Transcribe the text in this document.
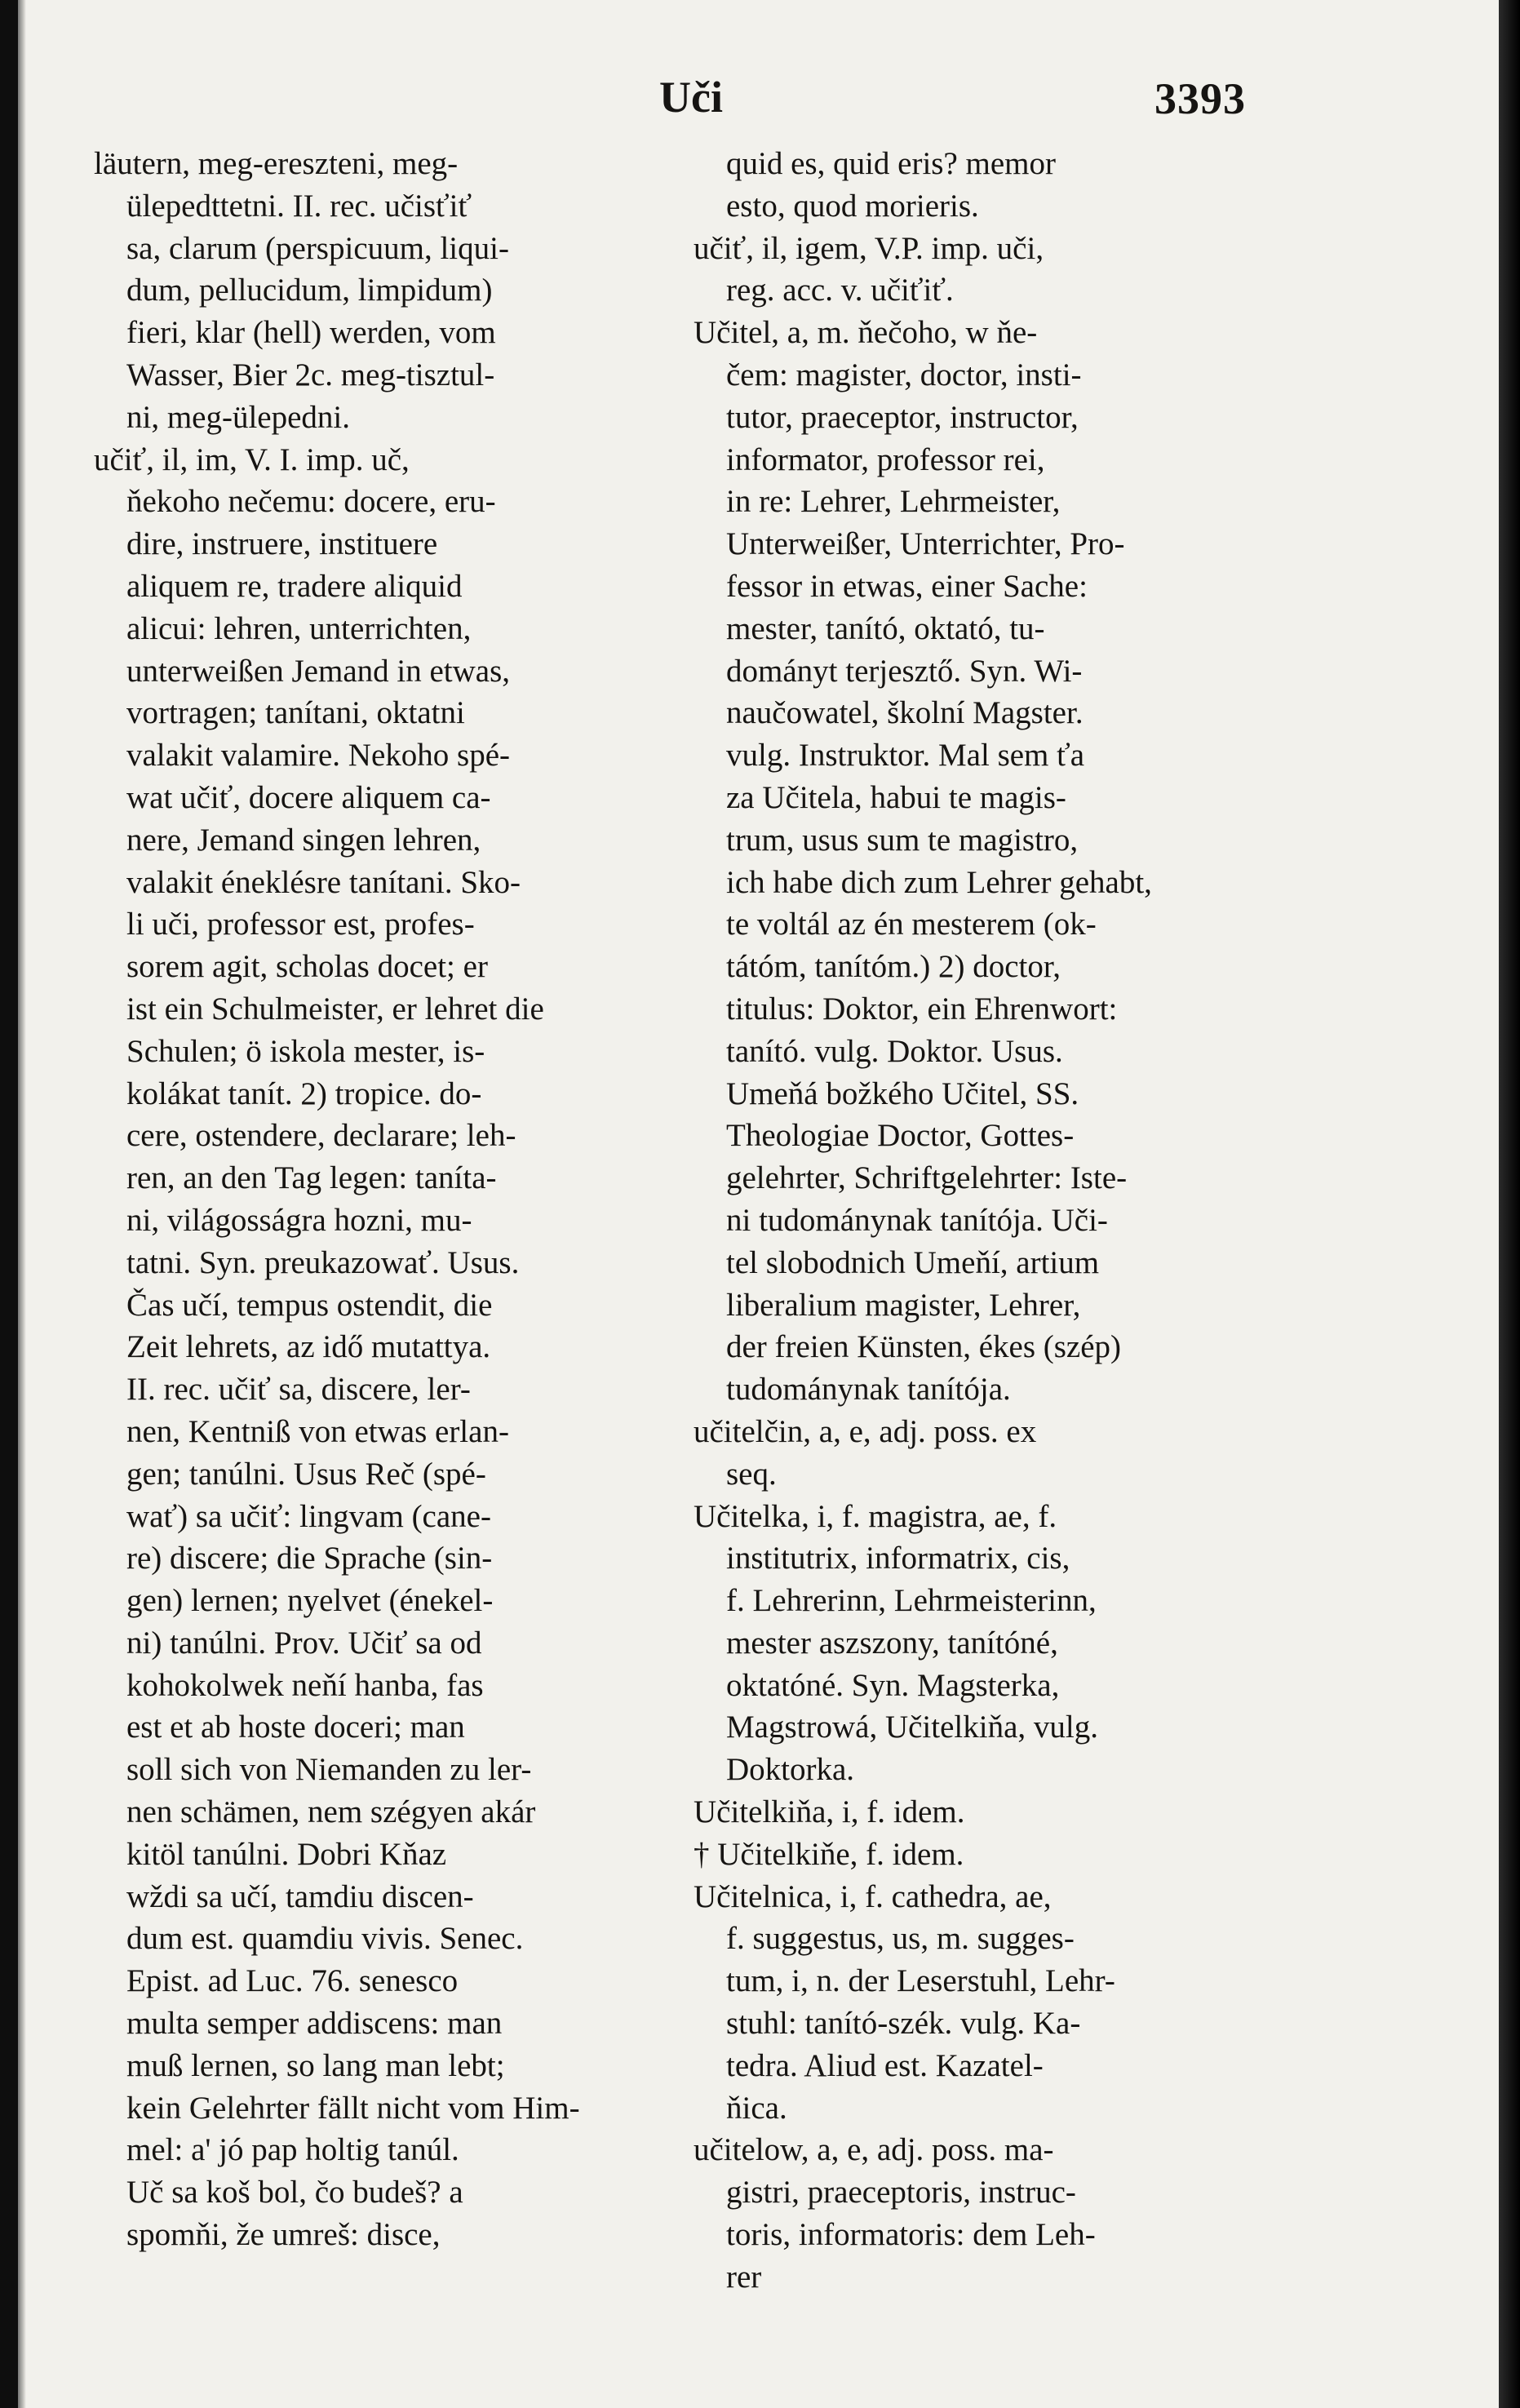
Uči	3393
läutern, meg-ereszteni, meg-
ülepedttetni. II. rec. učisťiť
sa, clarum (perspicuum, liqui-
dum, pellucidum, limpidum)
fieri, klar (hell) werden, vom
Wasser, Bier 2c. meg-tisztul-
ni, meg-ülepedni.
učiť, il, im, V. I. imp. uč,
ňekoho nečemu: docere, eru-
dire, instruere, instituere
aliquem re, tradere aliquid
alicui: lehren, unterrichten,
unterweißen Jemand in etwas,
vortragen; tanítani, oktatni
valakit valamire. Nekoho spé-
wat učiť, docere aliquem ca-
nere, Jemand singen lehren,
valakit éneklésre tanítani. Sko-
li uči, professor est, profes-
sorem agit, scholas docet; er
ist ein Schulmeister, er lehret die
Schulen; ö iskola mester, is-
kolákat tanít. 2) tropice. do-
cere, ostendere, declarare; leh-
ren, an den Tag legen: taníta-
ni, világosságra hozni, mu-
tatni. Syn. preukazowať. Usus.
Čas učí, tempus ostendit, die
Zeit lehrets, az idő mutattya.
II. rec. učiť sa, discere, ler-
nen, Kentniß von etwas erlan-
gen; tanúlni. Usus Reč (spé-
wať) sa učiť: lingvam (cane-
re) discere; die Sprache (sin-
gen) lernen; nyelvet (énekel-
ni) tanúlni. Prov. Učiť sa od
kohokolwek neňí hanba, fas
est et ab hoste doceri; man
soll sich von Niemanden zu ler-
nen schämen, nem szégyen akár
kitöl tanúlni. Dobri Kňaz
wždi sa učí, tamdiu discen-
dum est. quamdiu vivis. Senec.
Epist. ad Luc. 76. senesco
multa semper addiscens: man
muß lernen, so lang man lebt;
kein Gelehrter fällt nicht vom Him-
mel: a' jó pap holtig tanúl.
Uč sa koš bol, čo budeš? a
spomňi, že umreš: disce,
quid es, quid eris? memor
esto, quod morieris.
učiť, il, igem, V.P. imp. uči,
reg. acc. v. učiťiť.
Učitel, a, m. ňečoho, w ňe-
čem: magister, doctor, insti-
tutor, praeceptor, instructor,
informator, professor rei,
in re: Lehrer, Lehrmeister,
Unterweißer, Unterrichter, Pro-
fessor in etwas, einer Sache:
mester, tanító, oktató, tu-
dományt terjesztő. Syn. Wi-
naučowatel, školní Magster.
vulg. Instruktor. Mal sem ťa
za Učitela, habui te magis-
trum, usus sum te magistro,
ich habe dich zum Lehrer gehabt,
te voltál az én mesterem (ok-
tátóm, tanítóm.) 2) doctor,
titulus: Doktor, ein Ehrenwort:
tanító. vulg. Doktor. Usus.
Umeňá božkého Učitel, SS.
Theologiae Doctor, Gottes-
gelehrter, Schriftgelehrter: Iste-
ni tudománynak tanítója. Uči-
tel slobodnich Umeňí, artium
liberalium magister, Lehrer,
der freien Künsten, ékes (szép)
tudománynak tanítója.
učitelčin, a, e, adj. poss. ex
seq.
Učitelka, i, f. magistra, ae, f.
institutrix, informatrix, cis,
f. Lehrerinn, Lehrmeisterinn,
mester aszszony, tanítóné,
oktatóné. Syn. Magsterka,
Magstrowá, Učitelkiňa, vulg.
Doktorka.
Učitelkiňa, i, f. idem.
† Učitelkiňe, f. idem.
Učitelnica, i, f. cathedra, ae,
f. suggestus, us, m. sugges-
tum, i, n. der Leserstuhl, Lehr-
stuhl: tanító-szék. vulg. Ka-
tedra. Aliud est. Kazatel-
ňica.
učitelow, a, e, adj. poss. ma-
gistri, praeceptoris, instruc-
toris, informatoris: dem Leh-
rer
